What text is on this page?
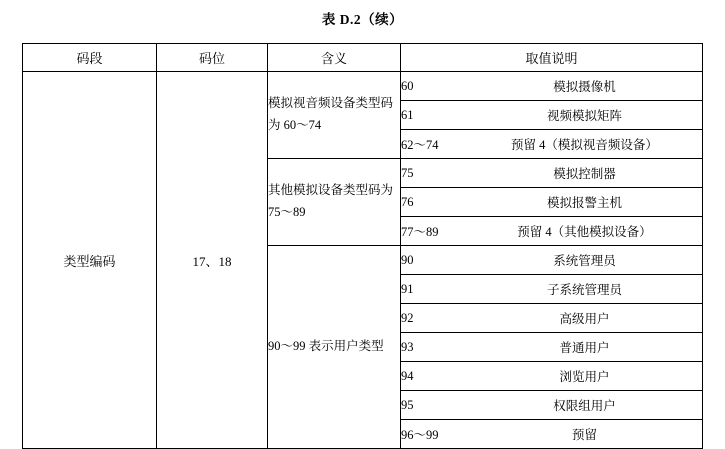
表 D.2（续）
码段	码位	含义	取值说明
类型编码	17、18	模拟视音频设备类型码为 60～74	
60	模拟摄像机
61	视频模拟矩阵
62～74	预留 4（模拟视音频设备）

其他模拟设备类型码为 75～89	
75	模拟控制器
76	模拟报警主机
77～89	预留 4（其他模拟设备）

90～99 表示用户类型	
90	系统管理员
91	子系统管理员
92	高级用户
93	普通用户
94	浏览用户
95	权限组用户
96～99	预留
